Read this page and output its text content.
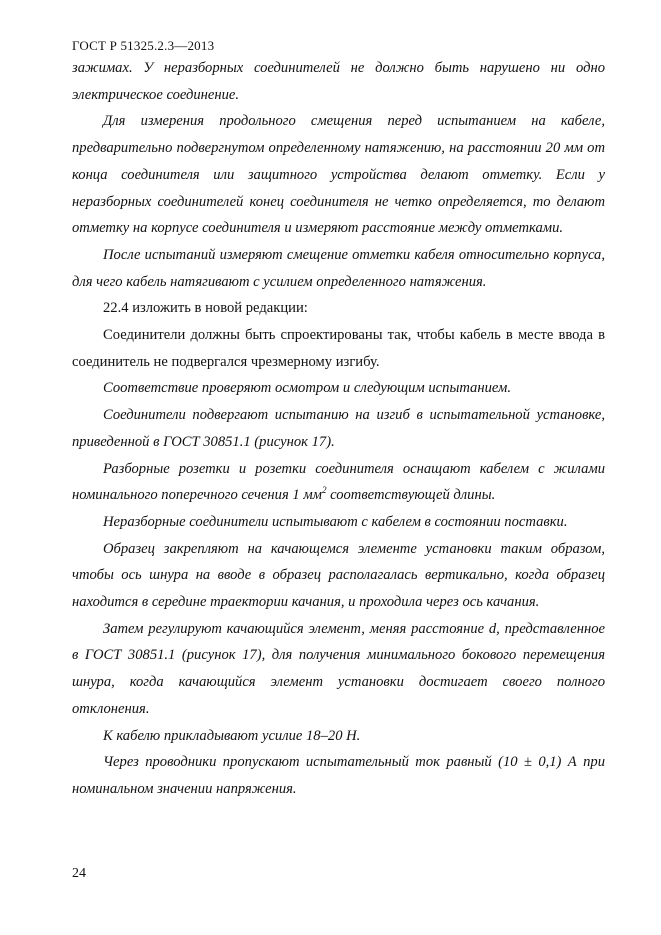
ГОСТ Р 51325.2.3—2013

зажимах. У неразборных соединителей не должно быть нарушено ни одно электрическое соединение.

Для измерения продольного смещения перед испытанием на кабеле, предварительно подвергнутом определенному натяжению, на расстоянии 20 мм от конца соединителя или защитного устройства делают отметку. Если у неразборных соединителей конец соединителя не четко определяется, то делают отметку на корпусе соединителя и измеряют расстояние между отметками.

После испытаний измеряют смещение отметки кабеля относительно корпуса, для чего кабель натягивают с усилием определенного натяжения.

22.4 изложить в новой редакции:

Соединители должны быть спроектированы так, чтобы кабель в месте ввода в соединитель не подвергался чрезмерному изгибу.

Соответствие проверяют осмотром и следующим испытанием.

Соединители подвергают испытанию на изгиб в испытательной установке, приведенной в ГОСТ 30851.1 (рисунок 17).

Разборные розетки и розетки соединителя оснащают кабелем с жилами номинального поперечного сечения 1 $мм^2$ соответствующей длины.

Неразборные соединители испытывают с кабелем в состоянии поставки.

Образец закрепляют на качающемся элементе установки таким образом, чтобы ось шнура на вводе в образец располагалась вертикально, когда образец находится в середине траектории качания, и проходила через ось качания.

Затем регулируют качающийся элемент, меняя расстояние d, представленное в ГОСТ 30851.1 (рисунок 17), для получения минимального бокового перемещения шнура, когда качающийся элемент установки достигает своего полного отклонения.

К кабелю прикладывают усилие 18–20 Н.

Через проводники пропускают испытательный ток равный (10 ± 0,1) А при номинальном значении напряжения.

24
